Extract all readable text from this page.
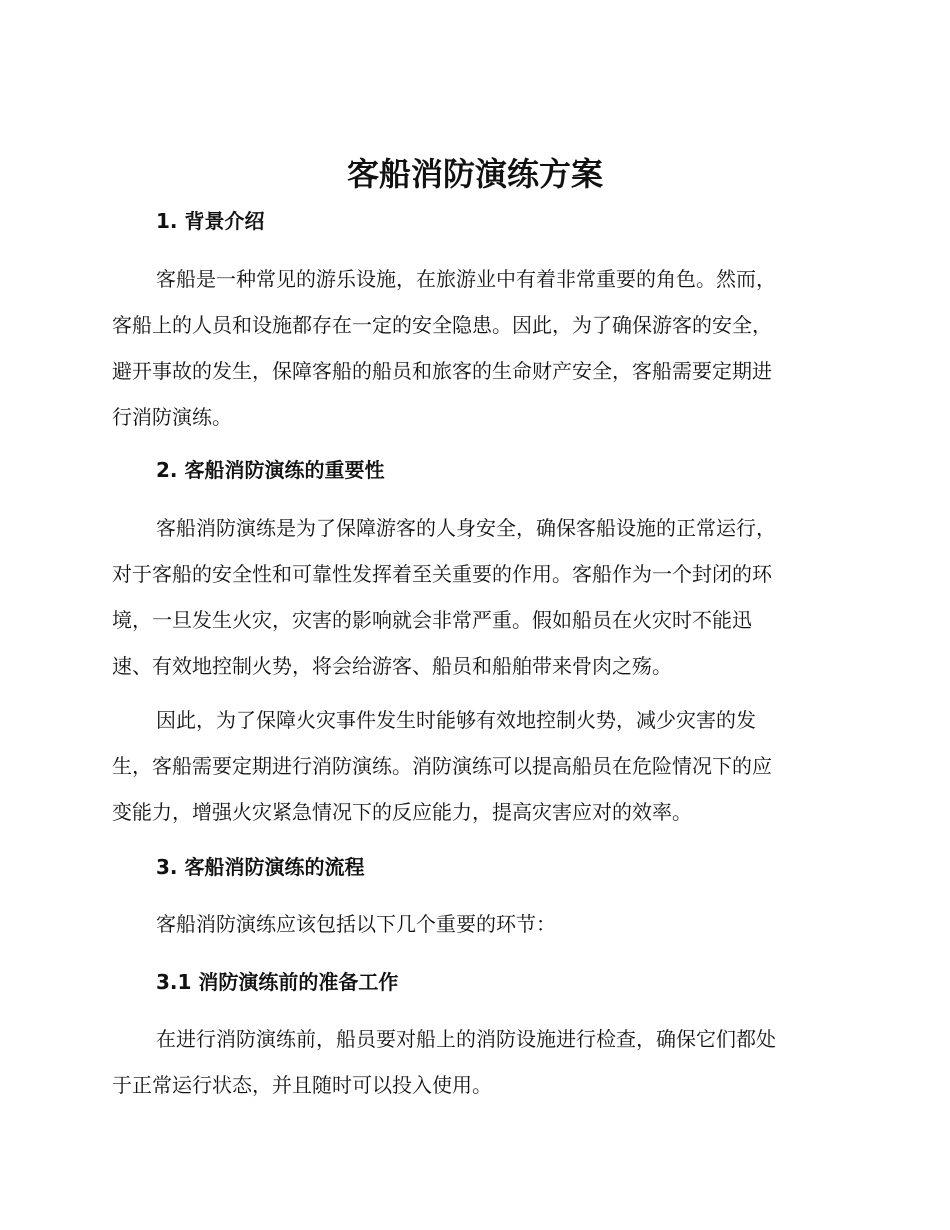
客船消防演练方案
1. 背景介绍

客船是一种常见的游乐设施，在旅游业中有着非常重要的角色。然而，
客船上的人员和设施都存在一定的安全隐患。因此，为了确保游客的安全，
避开事故的发生，保障客船的船员和旅客的生命财产安全，客船需要定期进
行消防演练。

2. 客船消防演练的重要性

客船消防演练是为了保障游客的人身安全，确保客船设施的正常运行，
对于客船的安全性和可靠性发挥着至关重要的作用。客船作为一个封闭的环
境，一旦发生火灾，灾害的影响就会非常严重。假如船员在火灾时不能迅
速、有效地控制火势，将会给游客、船员和船舶带来骨肉之殇。

因此，为了保障火灾事件发生时能够有效地控制火势，减少灾害的发
生，客船需要定期进行消防演练。消防演练可以提高船员在危险情况下的应
变能力，增强火灾紧急情况下的反应能力，提高灾害应对的效率。

3. 客船消防演练的流程

客船消防演练应该包括以下几个重要的环节：

3.1 消防演练前的准备工作

在进行消防演练前，船员要对船上的消防设施进行检查，确保它们都处
于正常运行状态，并且随时可以投入使用。
